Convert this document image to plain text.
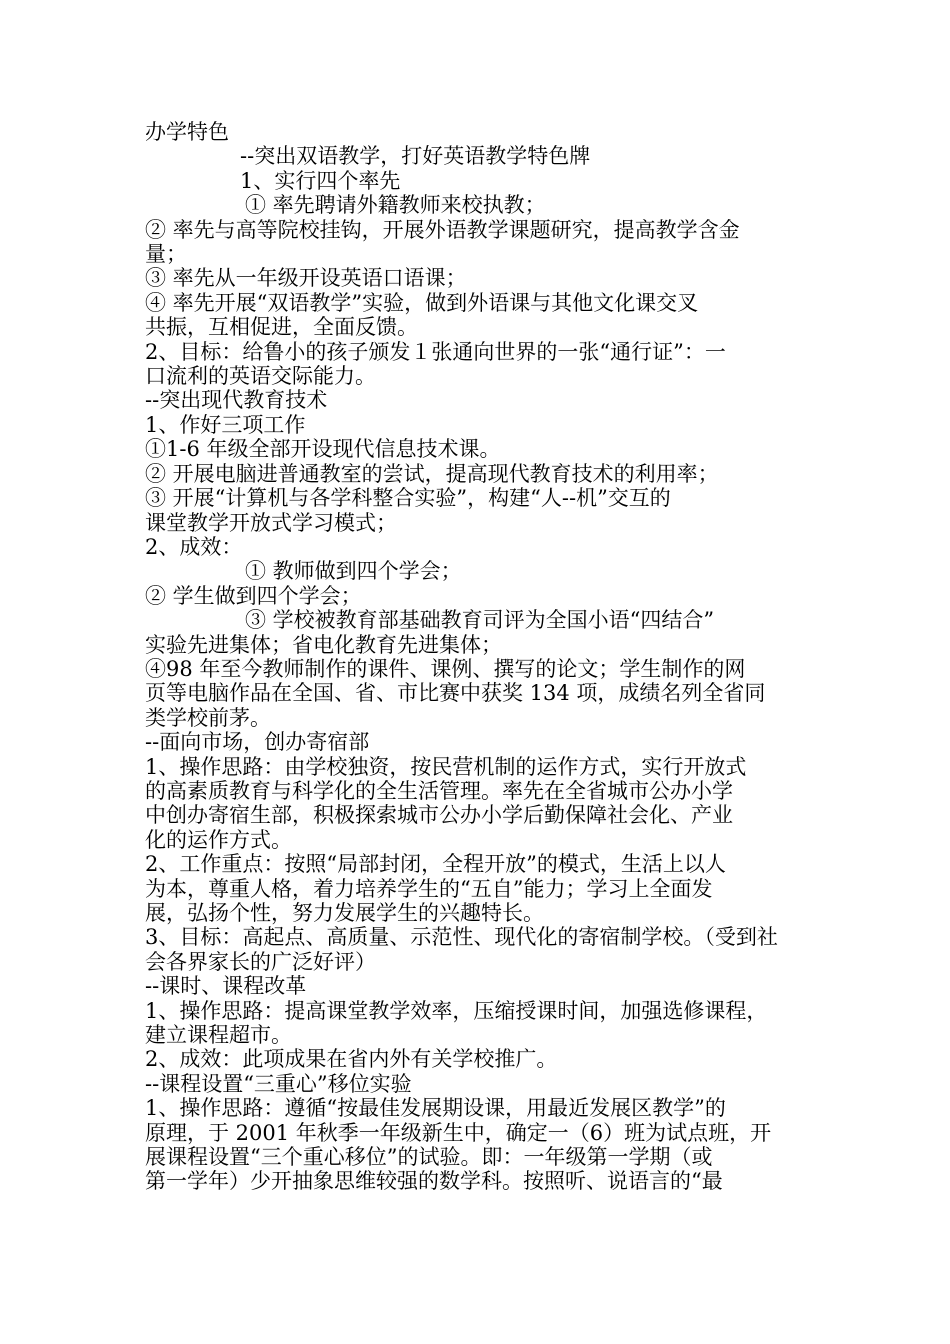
办学特色

--突出双语教学，打好英语教学特色牌

1、实行四个率先

① 率先聘请外籍教师来校执教；

② 率先与高等院校挂钩，开展外语教学课题研究，提高教学含金

量；

③ 率先从一年级开设英语口语课；

④ 率先开展“双语教学”实验，做到外语课与其他文化课交叉

共振，互相促进，全面反馈。

2、目标：给鲁小的孩子颁发１张通向世界的一张“通行证”：一

口流利的英语交际能力。

--突出现代教育技术

1、作好三项工作

①1-6 年级全部开设现代信息技术课。

② 开展电脑进普通教室的尝试，提高现代教育技术的利用率；

③ 开展“计算机与各学科整合实验”，构建“人--机”交互的

课堂教学开放式学习模式；

2、成效：

① 教师做到四个学会；

② 学生做到四个学会；

③ 学校被教育部基础教育司评为全国小语“四结合”

实验先进集体；省电化教育先进集体；

④98 年至今教师制作的课件、课例、撰写的论文；学生制作的网

页等电脑作品在全国、省、市比赛中获奖 134 项，成绩名列全省同

类学校前茅。

--面向市场，创办寄宿部

1、操作思路：由学校独资，按民营机制的运作方式，实行开放式

的高素质教育与科学化的全生活管理。率先在全省城市公办小学

中创办寄宿生部，积极探索城市公办小学后勤保障社会化、产业

化的运作方式。

2、工作重点：按照“局部封闭，全程开放”的模式，生活上以人

为本，尊重人格，着力培养学生的“五自”能力；学习上全面发

展，弘扬个性，努力发展学生的兴趣特长。

3、目标：高起点、高质量、示范性、现代化的寄宿制学校。（受到社

会各界家长的广泛好评）

--课时、课程改革

1、操作思路：提高课堂教学效率，压缩授课时间，加强选修课程，

建立课程超市。

2、成效：此项成果在省内外有关学校推广。

--课程设置“三重心”移位实验

1、操作思路：遵循“按最佳发展期设课，用最近发展区教学”的

原理，于 2001 年秋季一年级新生中，确定一（6）班为试点班，开

展课程设置“三个重心移位”的试验。即：一年级第一学期（或

第一学年）少开抽象思维较强的数学科。按照听、说语言的“最
